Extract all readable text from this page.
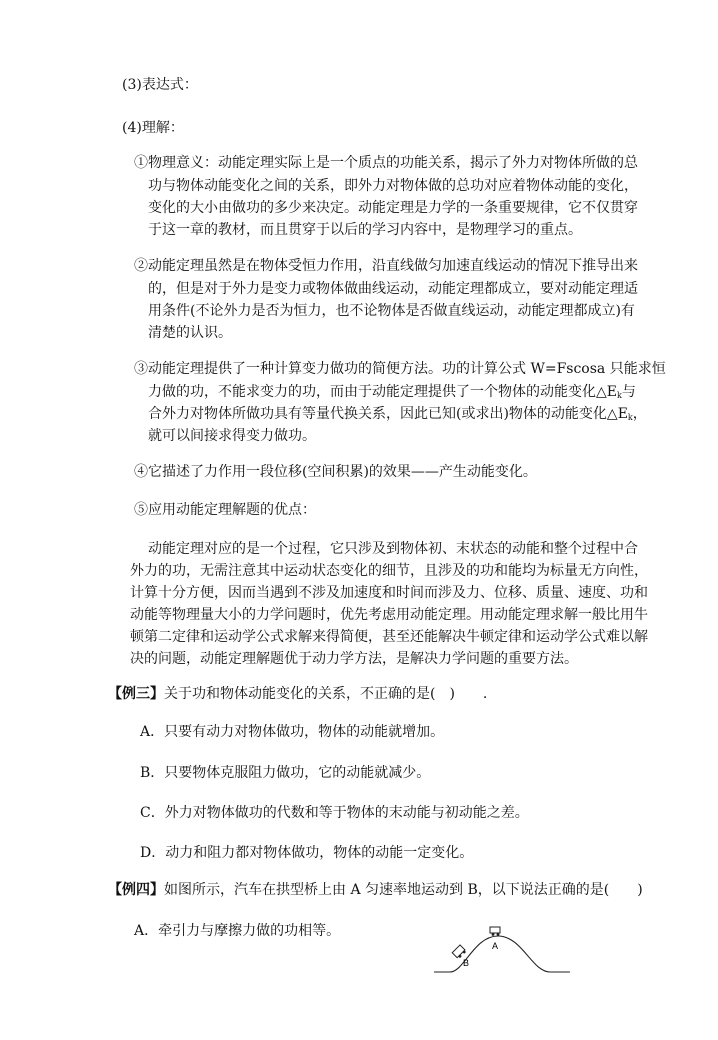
(3)表达式：
(4)理解：
①物理意义：动能定理实际上是一个质点的功能关系，揭示了外力对物体所做的总
功与物体动能变化之间的关系，即外力对物体做的总功对应着物体动能的变化，
变化的大小由做功的多少来决定。动能定理是力学的一条重要规律，它不仅贯穿
于这一章的教材，而且贯穿于以后的学习内容中，是物理学习的重点。
②动能定理虽然是在物体受恒力作用，沿直线做匀加速直线运动的情况下推导出来
的，但是对于外力是变力或物体做曲线运动，动能定理都成立，要对动能定理适
用条件(不论外力是否为恒力，也不论物体是否做直线运动，动能定理都成立)有
清楚的认识。
③动能定理提供了一种计算变力做功的简便方法。功的计算公式 W=Fscosa 只能求恒
力做的功，不能求变力的功，而由于动能定理提供了一个物体的动能变化$\triangle E_k$与
合外力对物体所做功具有等量代换关系，因此已知(或求出)物体的动能变化$\triangle E_k$，
就可以间接求得变力做功。
④它描述了力作用一段位移(空间积累)的效果——产生动能变化。
⑤应用动能定理解题的优点：
动能定理对应的是一个过程，它只涉及到物体初、末状态的动能和整个过程中合
外力的功，无需注意其中运动状态变化的细节，且涉及的功和能均为标量无方向性，
计算十分方便，因而当遇到不涉及加速度和时间而涉及力、位移、质量、速度、功和
动能等物理量大小的力学问题时，优先考虑用动能定理。用动能定理求解一般比用牛
顿第二定律和运动学公式求解来得简便，甚至还能解决牛顿定律和运动学公式难以解
决的问题，动能定理解题优于动力学方法，是解决力学问题的重要方法。
【例三】关于功和物体动能变化的关系，不正确的是(　)　　.
A．只要有动力对物体做功，物体的动能就增加。
B．只要物体克服阻力做功，它的动能就减少。
C．外力对物体做功的代数和等于物体的末动能与初动能之差。
D．动力和阻力都对物体做功，物体的动能一定变化。
【例四】如图所示，汽车在拱型桥上由 A 匀速率地运动到 B，以下说法正确的是(　　)
A．牵引力与摩擦力做的功相等。
A
B
